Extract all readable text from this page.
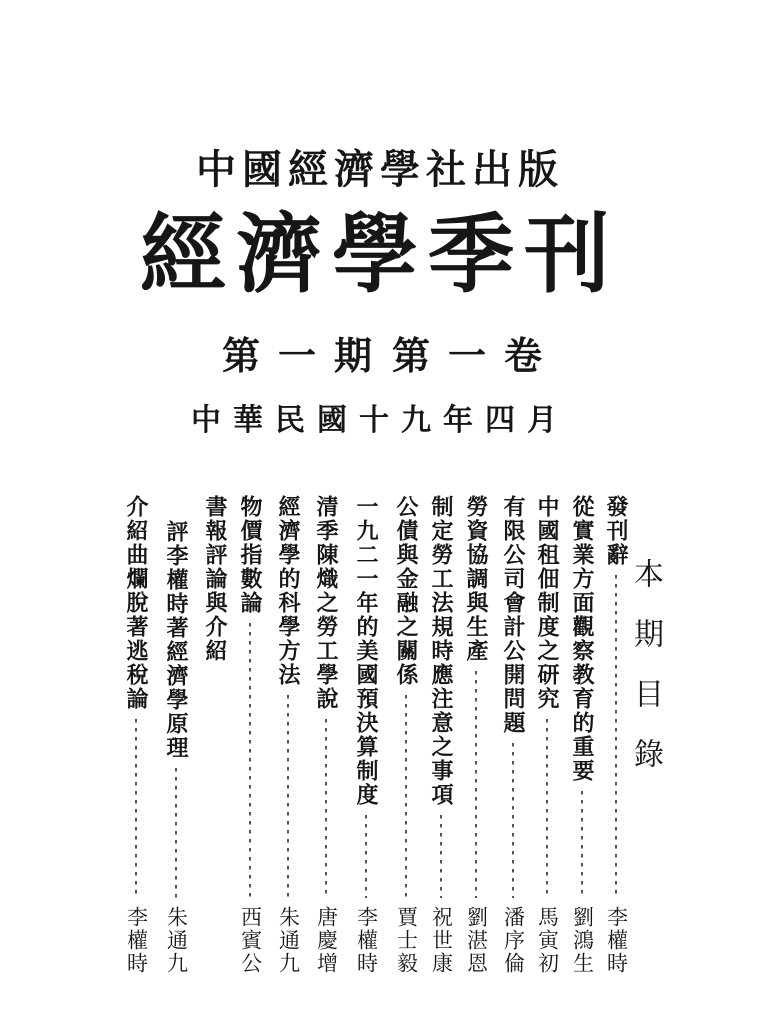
中國經濟學社出版
經濟學季刊
第一卷
第一期
中華民國十九年四月
本期目錄
發刊辭
李權時
從實業方面觀察教育的重要
劉鴻生
中國租佃制度之研究
馬寅初
有限公司會計公開問題
潘序倫
勞資協調與生產
劉湛恩
制定勞工法規時應注意之事項
祝世康
公債與金融之關係
賈士毅
一九二一年的美國預決算制度
李權時
清季陳熾之勞工學說
唐慶增
經濟學的科學方法
朱通九
物價指數論
西賓公
書報評論與介紹
評李權時著經濟學原理
朱通九
介紹曲爛脫著逃稅論
李權時
